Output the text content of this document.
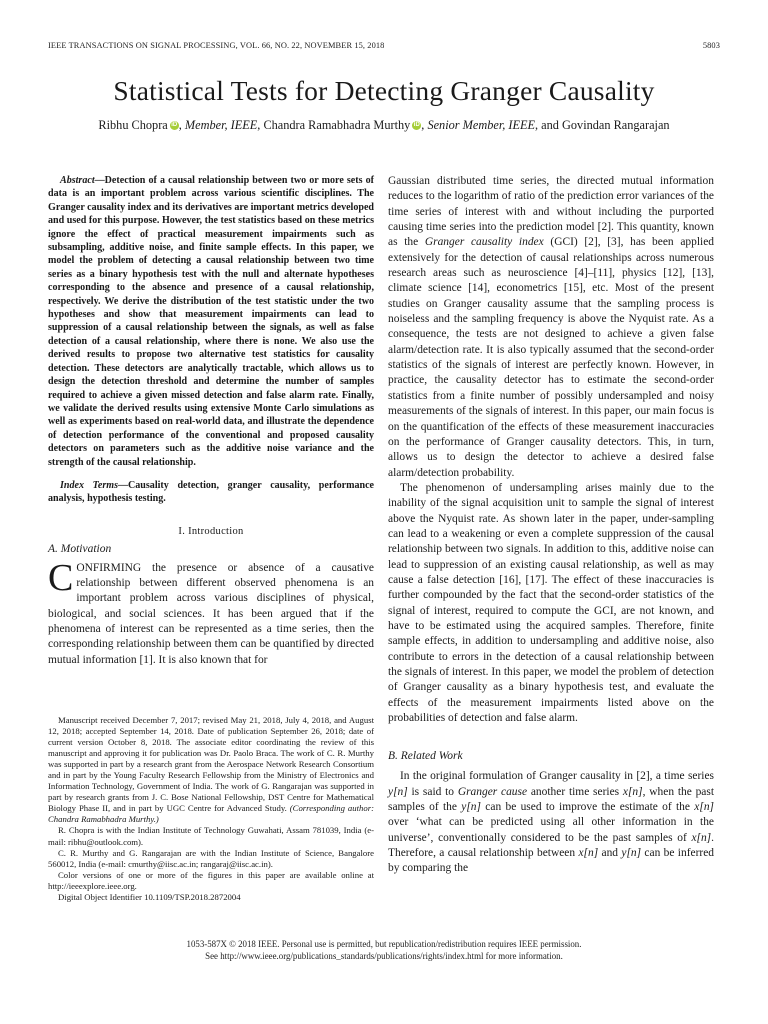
IEEE TRANSACTIONS ON SIGNAL PROCESSING, VOL. 66, NO. 22, NOVEMBER 15, 2018	5803
Statistical Tests for Detecting Granger Causality
Ribhu Chopra iD , Member, IEEE, Chandra Ramabhadra Murthy iD , Senior Member, IEEE, and Govindan Rangarajan

Abstract—Detection of a causal relationship between two or more sets of data is an important problem across various scientific disciplines. The Granger causality index and its derivatives are important metrics developed and used for this purpose. However, the test statistics based on these metrics ignore the effect of practical measurement impairments such as subsampling, additive noise, and finite sample effects. In this paper, we model the problem of detecting a causal relationship between two time series as a binary hypothesis test with the null and alternate hypotheses corresponding to the absence and presence of a causal relationship, respectively. We derive the distribution of the test statistic under the two hypotheses and show that measurement impairments can lead to suppression of a causal relationship between the signals, as well as false detection of a causal relationship, where there is none. We also use the derived results to propose two alternative test statistics for causality detection. These detectors are analytically tractable, which allows us to design the detection threshold and determine the number of samples required to achieve a given missed detection and false alarm rate. Finally, we validate the derived results using extensive Monte Carlo simulations as well as experiments based on real-world data, and illustrate the dependence of detection performance of the conventional and proposed causality detectors on parameters such as the additive noise variance and the strength of the causal relationship.

Index Terms—Causality detection, granger causality, performance analysis, hypothesis testing.

I. Introduction
A. Motivation

CONFIRMING the presence or absence of a causative relationship between different observed phenomena is an important problem across various disciplines of physical, biological, and social sciences. It has been argued that if the phenomena of interest can be represented as a time series, then the corresponding relationship between them can be quantified by directed mutual information [1]. It is also known that for

Manuscript received December 7, 2017; revised May 21, 2018, July 4, 2018, and August 12, 2018; accepted September 14, 2018. Date of publication September 26, 2018; date of current version October 8, 2018. The associate editor coordinating the review of this manuscript and approving it for publication was Dr. Paolo Braca. The work of C. R. Murthy was supported in part by a research grant from the Aerospace Network Research Consortium and in part by the Young Faculty Research Fellowship from the Ministry of Electronics and Information Technology, Government of India. The work of G. Rangarajan was supported in part by research grants from J. C. Bose National Fellowship, DST Centre for Mathematical Biology Phase II, and in part by UGC Centre for Advanced Study. (Corresponding author: Chandra Ramabhadra Murthy.)

R. Chopra is with the Indian Institute of Technology Guwahati, Assam 781039, India (e-mail: ribhu@outlook.com).

C. R. Murthy and G. Rangarajan are with the Indian Institute of Science, Bangalore 560012, India (e-mail: cmurthy@iisc.ac.in; rangaraj@iisc.ac.in).

Color versions of one or more of the figures in this paper are available online at http://ieeexplore.ieee.org.

Digital Object Identifier 10.1109/TSP.2018.2872004

Gaussian distributed time series, the directed mutual information reduces to the logarithm of ratio of the prediction error variances of the time series of interest with and without including the purported causing time series into the prediction model [2]. This quantity, known as the Granger causality index (GCI) [2], [3], has been applied extensively for the detection of causal relationships across numerous research areas such as neuroscience [4]–[11], physics [12], [13], climate science [14], econometrics [15], etc. Most of the present studies on Granger causality assume that the sampling process is noiseless and the sampling frequency is above the Nyquist rate. As a consequence, the tests are not designed to achieve a given false alarm/detection rate. It is also typically assumed that the second-order statistics of the signals of interest are perfectly known. However, in practice, the causality detector has to estimate the second-order statistics from a finite number of possibly undersampled and noisy measurements of the signals of interest. In this paper, our main focus is on the quantification of the effects of these measurement inaccuracies on the performance of Granger causality detectors. This, in turn, allows us to design the detector to achieve a desired false alarm/detection probability.

The phenomenon of undersampling arises mainly due to the inability of the signal acquisition unit to sample the signal of interest above the Nyquist rate. As shown later in the paper, under-sampling can lead to a weakening or even a complete suppression of the causal relationship between two signals. In addition to this, additive noise can lead to suppression of an existing causal relationship, as well as may cause a false detection [16], [17]. The effect of these inaccuracies is further compounded by the fact that the second-order statistics of the signal of interest, required to compute the GCI, are not known, and have to be estimated using the acquired samples. Therefore, finite sample effects, in addition to undersampling and additive noise, also contribute to errors in the detection of a causal relationship between the signals of interest. In this paper, we model the problem of detection of Granger causality as a binary hypothesis test, and evaluate the effects of the measurement impairments listed above on the probabilities of detection and false alarm.

B. Related Work

In the original formulation of Granger causality in [2], a time series y[n] is said to Granger cause another time series x[n], when the past samples of the y[n] can be used to improve the estimate of the x[n] over ‘what can be predicted using all other information in the universe’, conventionally considered to be the past samples of x[n]. Therefore, a causal relationship between x[n] and y[n] can be inferred by comparing the

1053-587X © 2018 IEEE. Personal use is permitted, but republication/redistribution requires IEEE permission.
See http://www.ieee.org/publications_standards/publications/rights/index.html for more information.
